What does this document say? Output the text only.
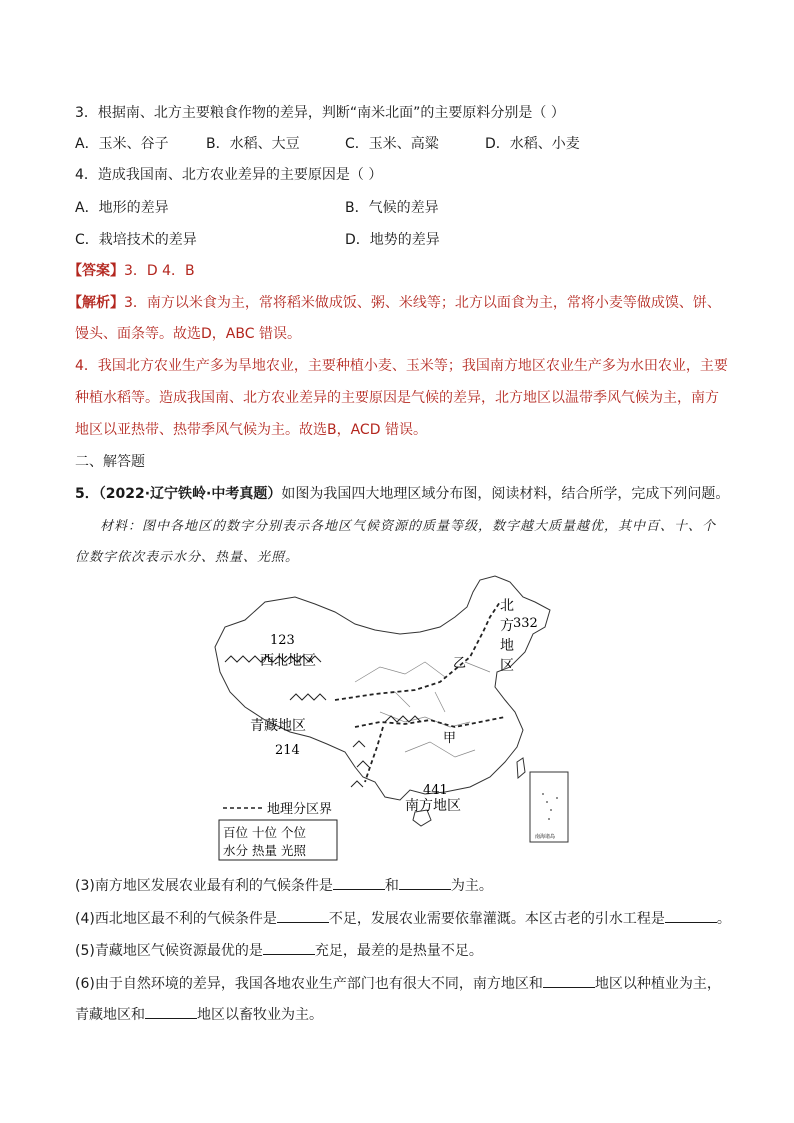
3．根据南、北方主要粮食作物的差异，判断“南米北面”的主要原料分别是（ ）
A．玉米、谷子	B．水稻、大豆	C．玉米、高粱	D．水稻、小麦
4．造成我国南、北方农业差异的主要原因是（ ）
A．地形的差异	B．气候的差异
C．栽培技术的差异	D．地势的差异
【答案】3．D 4．B
【解析】3．南方以米食为主，常将稻米做成饭、粥、米线等；北方以面食为主，常将小麦等做成馍、饼、
馒头、面条等。故选D，ABC 错误。
4．我国北方农业生产多为旱地农业，主要种植小麦、玉米等；我国南方地区农业生产多为水田农业，主要
种植水稻等。造成我国南、北方农业差异的主要原因是气候的差异，北方地区以温带季风气候为主，南方
地区以亚热带、热带季风气候为主。故选B，ACD 错误。
二、解答题
5．（2022·辽宁铁岭·中考真题）如图为我国四大地理区域分布图，阅读材料，结合所学，完成下列问题。
材料：图中各地区的数字分别表示各地区气候资源的质量等级，数字越大质量越优，其中百、十、个
位数字依次表示水分、热量、光照。
123
西北地区
青藏地区
214
北
方
地
区
332
南方地区
441
甲
乙
南海诸岛
地理分区界
百位 十位 个位
水分 热量 光照
(3)南方地区发展农业最有利的气候条件是	和	为主。
(4)西北地区最不利的气候条件是	不足，发展农业需要依靠灌溉。本区古老的引水工程是	。
(5)青藏地区气候资源最优的是	充足，最差的是热量不足。
(6)由于自然环境的差异，我国各地农业生产部门也有很大不同，南方地区和	地区以种植业为主，
青藏地区和	地区以畜牧业为主。
